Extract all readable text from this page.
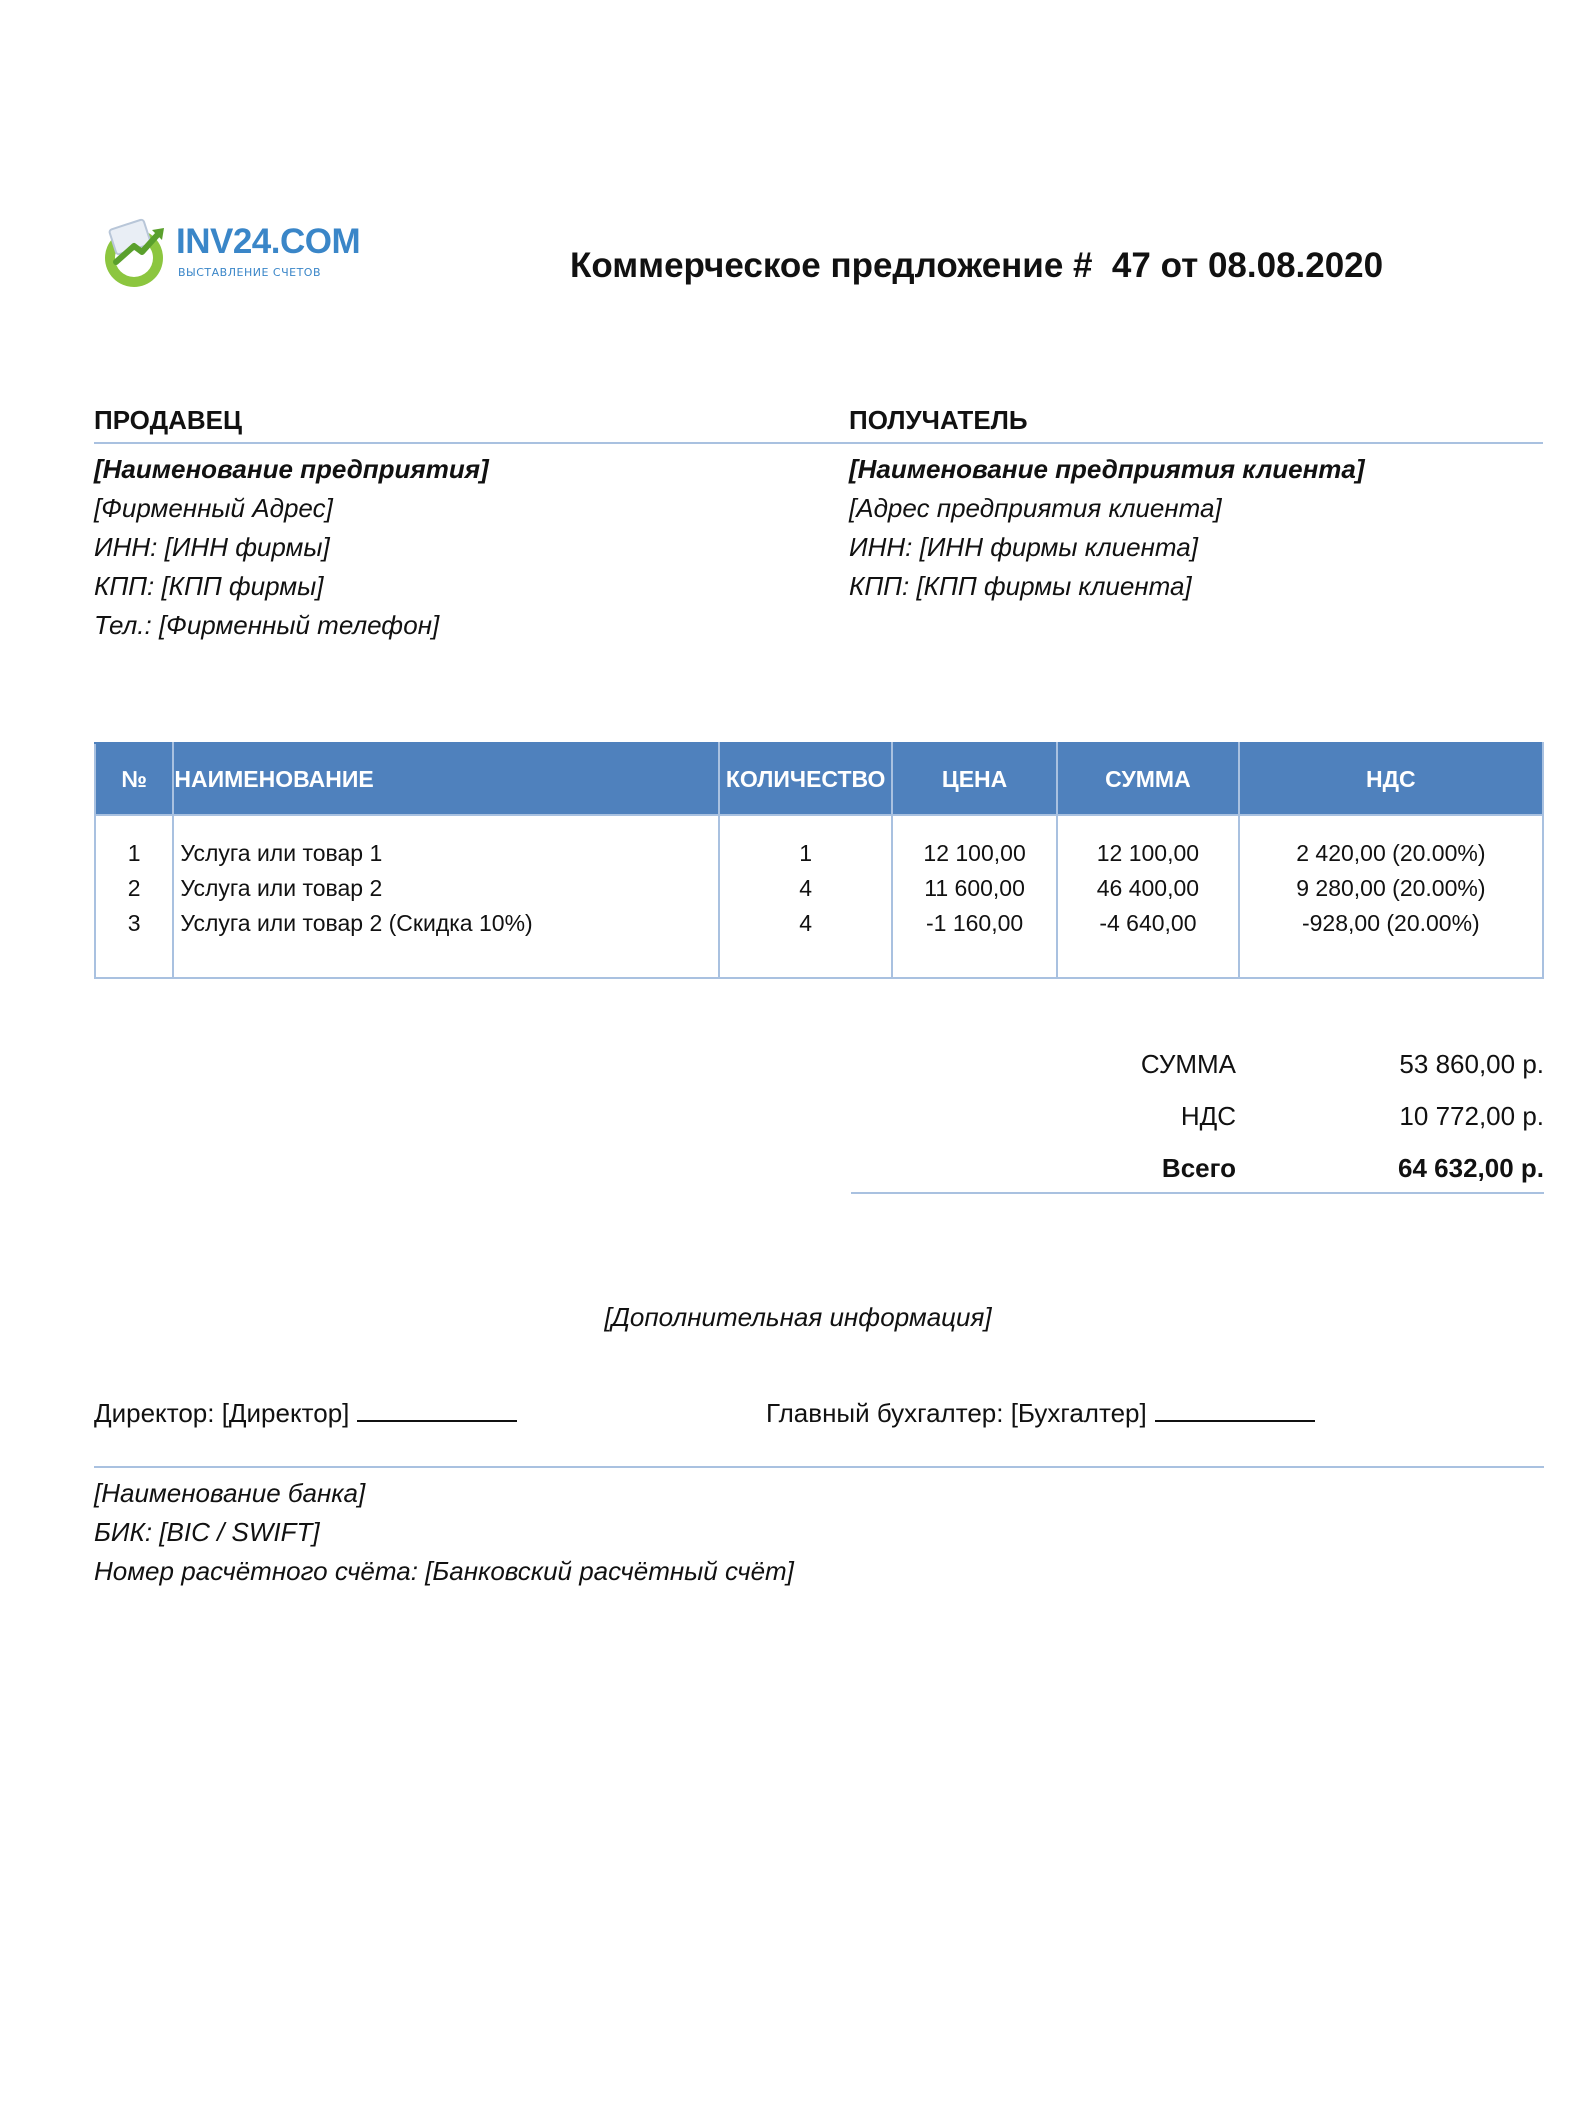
INV24.COM
ВЫСТАВЛЕНИЕ СЧЕТОВ	Коммерческое предложение #  47 от 08.08.2020
ПРОДАВЕЦ
[Наименование предприятия]
[Фирменный Адрес]
ИНН: [ИНН фирмы]
КПП: [КПП фирмы]
Тел.: [Фирменный телефон]
ПОЛУЧАТЕЛЬ
[Наименование предприятия клиента]
[Адрес предприятия клиента]
ИНН: [ИНН фирмы клиента]
КПП: [КПП фирмы клиента]
№	НАИМЕНОВАНИЕ	КОЛИЧЕСТВО	ЦЕНА	СУММА	НДС

1	Услуга или товар 1	1	12 100,00	12 100,00	2 420,00 (20.00%)
2	Услуга или товар 2	4	11 600,00	46 400,00	9 280,00 (20.00%)
3	Услуга или товар 2 (Скидка 10%)	4	-1 160,00	-4 640,00	-928,00 (20.00%)

СУММА	53 860,00 р.
НДС	10 772,00 р.
Всего	64 632,00 р.
[Дополнительная информация]
Директор: [Директор]	Главный бухгалтер: [Бухгалтер]
[Наименование банка]
БИК: [BIC / SWIFT]
Номер расчётного счёта: [Банковский расчётный счёт]
